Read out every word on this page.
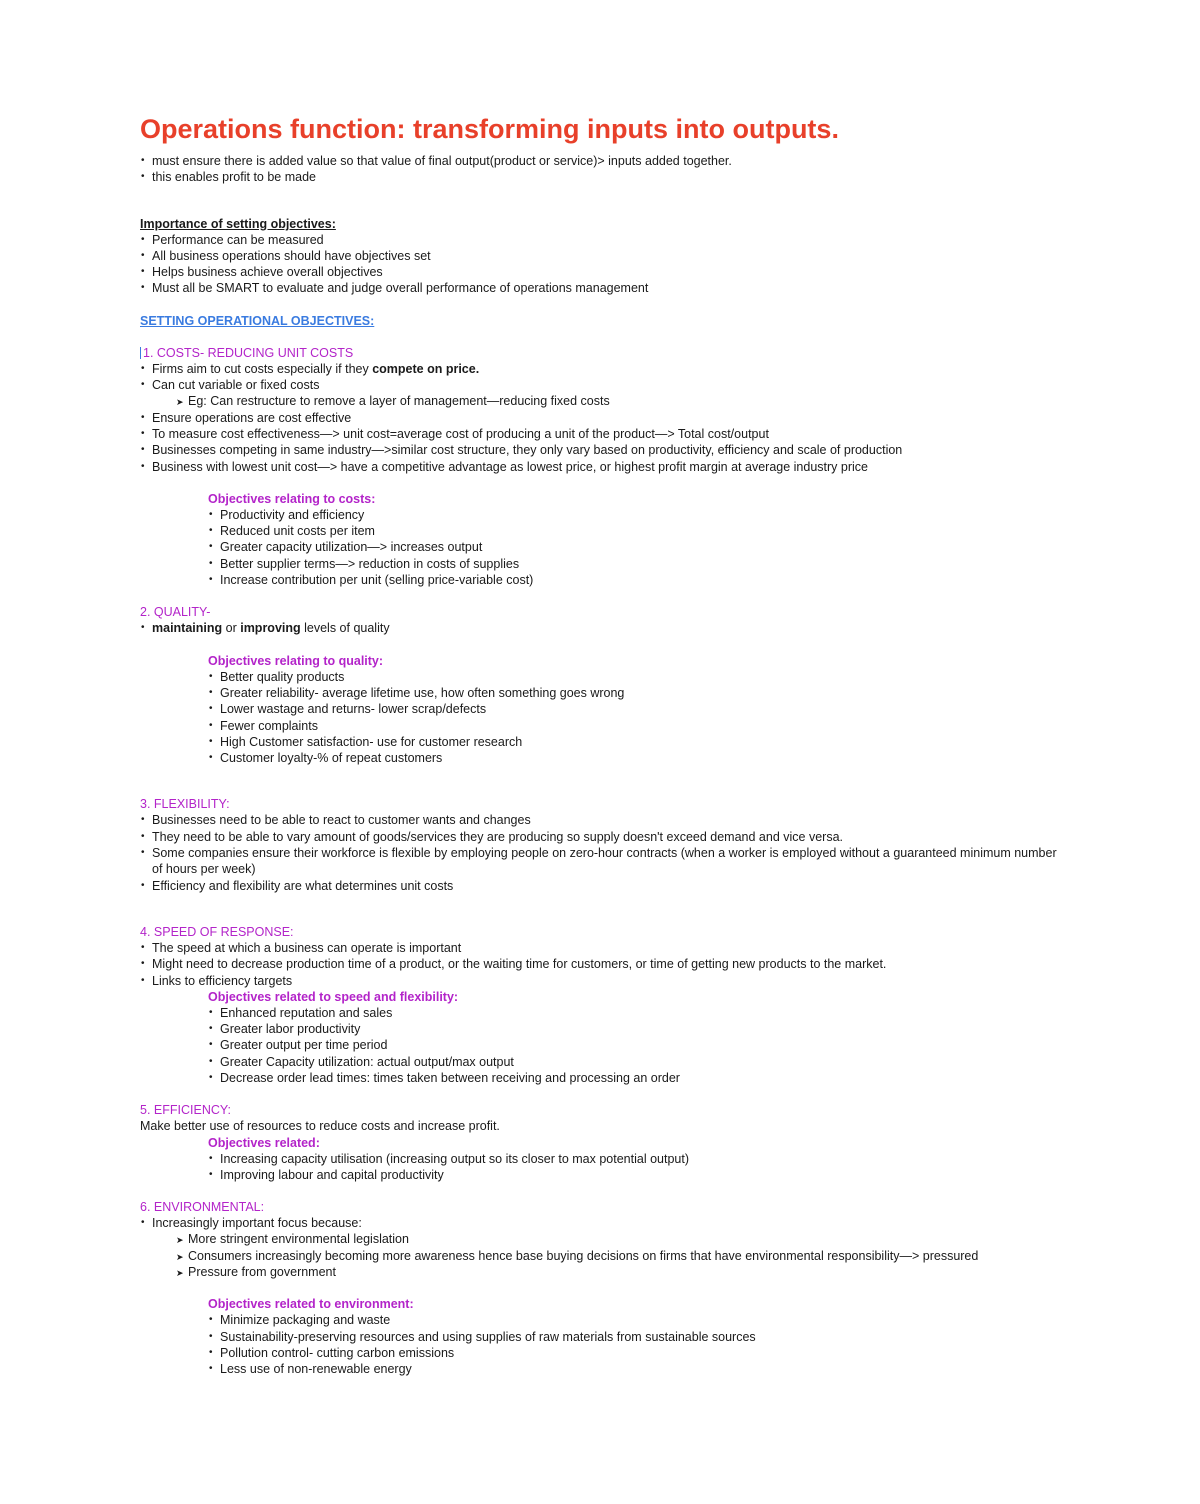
Operations function: transforming inputs into outputs.
• must ensure there is added value so that value of final output(product or service)> inputs added together.
• this enables profit to be made
Importance of setting objectives:
• Performance can be measured
• All business operations should have objectives set
• Helps business achieve overall objectives
• Must all be SMART to evaluate and judge overall performance of operations management
SETTING OPERATIONAL OBJECTIVES:
1. COSTS- REDUCING UNIT COSTS
• Firms aim to cut costs especially if they compete on price.
• Can cut variable or fixed costs
➤ Eg: Can restructure to remove a layer of management—reducing fixed costs
• Ensure operations are cost effective
• To measure cost effectiveness—> unit cost=average cost of producing a unit of the product—> Total cost/output
• Businesses competing in same industry—>similar cost structure, they only vary based on productivity, efficiency and scale of production
• Business with lowest unit cost—> have a competitive advantage as lowest price, or highest profit margin at average industry price
Objectives relating to costs:
• Productivity and efficiency
• Reduced unit costs per item
• Greater capacity utilization—> increases output
• Better supplier terms—> reduction in costs of supplies
• Increase contribution per unit (selling price-variable cost)
2. QUALITY-
• maintaining or improving levels of quality
Objectives relating to quality:
• Better quality products
• Greater reliability- average lifetime use, how often something goes wrong
• Lower wastage and returns- lower scrap/defects
• Fewer complaints
• High Customer satisfaction- use for customer research
• Customer loyalty-% of repeat customers
3. FLEXIBILITY:
• Businesses need to be able to react to customer wants and changes
• They need to be able to vary amount of goods/services they are producing so supply doesn't exceed demand and vice versa.
• Some companies ensure their workforce is flexible by employing people on zero-hour contracts (when a worker is employed without a guaranteed minimum number of hours per week)
• Efficiency and flexibility are what determines unit costs
4. SPEED OF RESPONSE:
• The speed at which a business can operate is important
• Might need to decrease production time of a product, or the waiting time for customers, or time of getting new products to the market.
• Links to efficiency targets
Objectives related to speed and flexibility:
• Enhanced reputation and sales
• Greater labor productivity
• Greater output per time period
• Greater Capacity utilization: actual output/max output
• Decrease order lead times: times taken between receiving and processing an order
5. EFFICIENCY:
Make better use of resources to reduce costs and increase profit.
Objectives related:
• Increasing capacity utilisation (increasing output so its closer to max potential output)
• Improving labour and capital productivity
6. ENVIRONMENTAL:
• Increasingly important focus because:
➤ More stringent environmental legislation
➤ Consumers increasingly becoming more awareness hence base buying decisions on firms that have environmental responsibility—> pressured
➤ Pressure from government
Objectives related to environment:
• Minimize packaging and waste
• Sustainability-preserving resources and using supplies of raw materials from sustainable sources
• Pollution control- cutting carbon emissions
• Less use of non-renewable energy
